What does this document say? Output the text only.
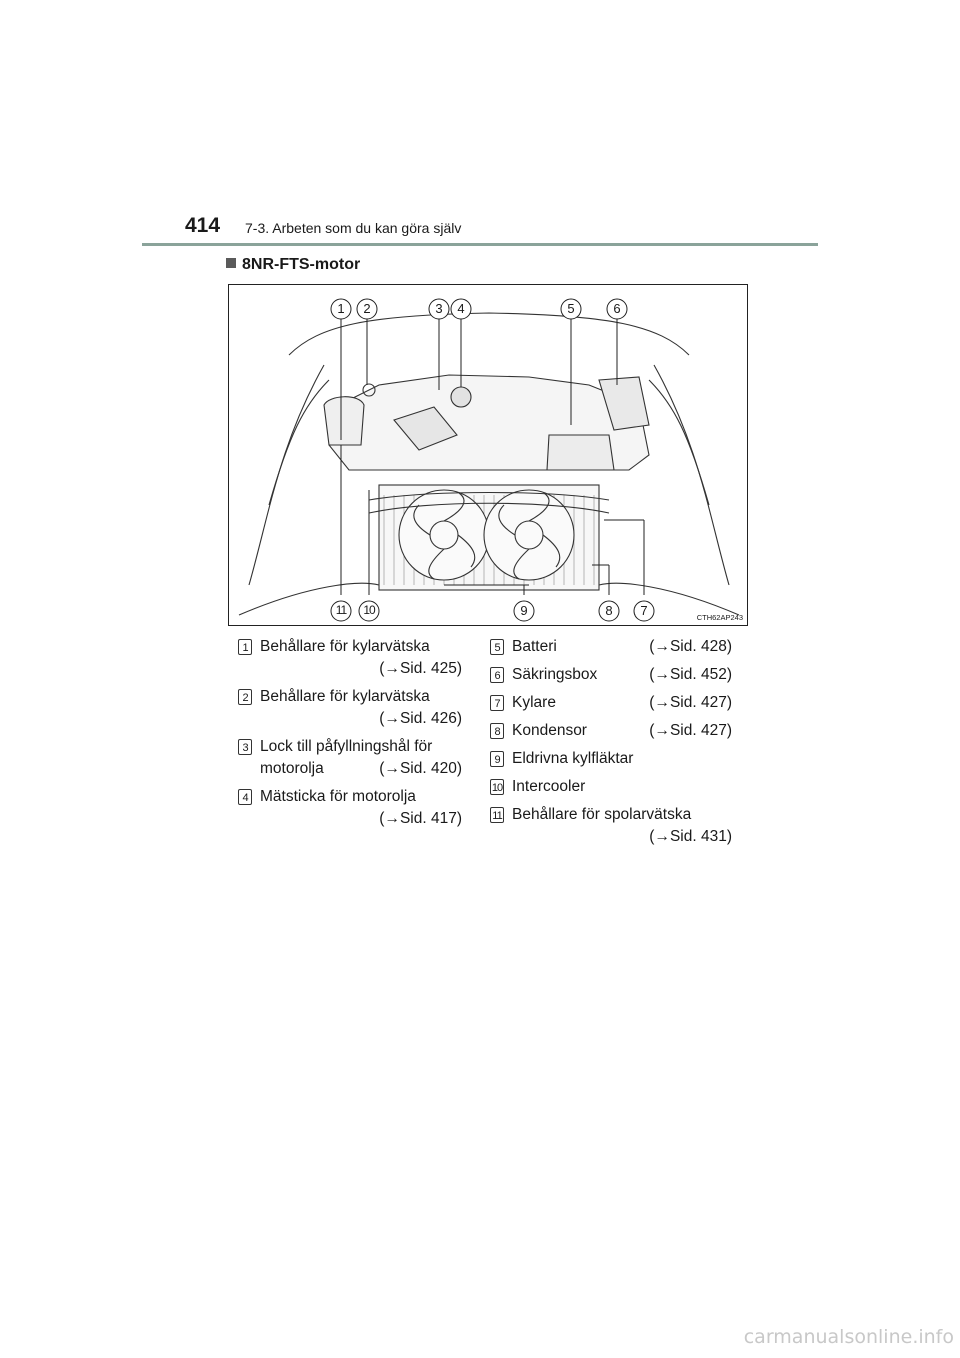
414 7-3. Arbeten som du kan göra själv
8NR-FTS-motor
1	2	3	4	5	6
11	10	9	8	7	CTH62AP243
1 Behållare för kylarvätska
(→Sid. 425)
2 Behållare för kylarvätska
(→Sid. 426)
3 Lock till påfyllningshål för

motorolja	(→Sid. 420)
4 Mätsticka för motorolja
(→Sid. 417)
5 Batteri	(→Sid. 428)
6 Säkringsbox	(→Sid. 452)
7 Kylare	(→Sid. 427)
8 Kondensor	(→Sid. 427)
9 Eldrivna kylfläktar
10 Intercooler
11 Behållare för spolarvätska
(→Sid. 431)
carmanualsonline.info
